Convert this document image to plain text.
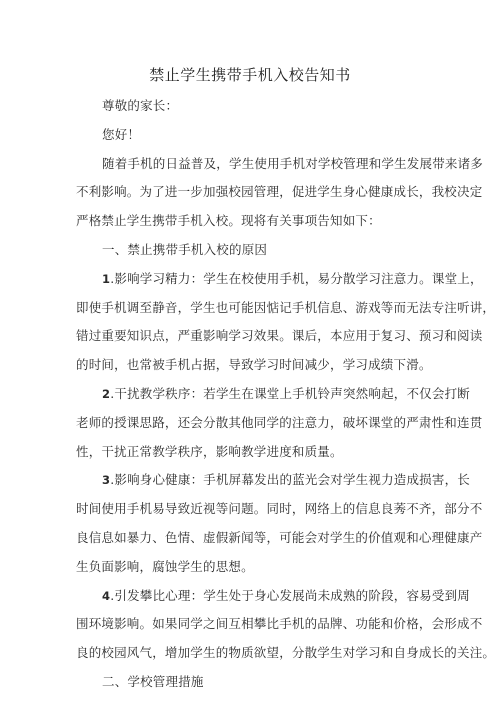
禁止学生携带手机入校告知书
尊敬的家长：
您好！
随着手机的日益普及，学生使用手机对学校管理和学生发展带来诸多
不利影响。为了进一步加强校园管理，促进学生身心健康成长，我校决定
严格禁止学生携带手机入校。现将有关事项告知如下：
一、禁止携带手机入校的原因
1.影响学习精力：学生在校使用手机，易分散学习注意力。课堂上，
即使手机调至静音，学生也可能因惦记手机信息、游戏等而无法专注听讲，
错过重要知识点，严重影响学习效果。课后，本应用于复习、预习和阅读
的时间，也常被手机占据，导致学习时间减少，学习成绩下滑。
2.干扰教学秩序：若学生在课堂上手机铃声突然响起，不仅会打断
老师的授课思路，还会分散其他同学的注意力，破坏课堂的严肃性和连贯
性，干扰正常教学秩序，影响教学进度和质量。
3.影响身心健康：手机屏幕发出的蓝光会对学生视力造成损害，长
时间使用手机易导致近视等问题。同时，网络上的信息良莠不齐，部分不
良信息如暴力、色情、虚假新闻等，可能会对学生的价值观和心理健康产
生负面影响，腐蚀学生的思想。
4.引发攀比心理：学生处于身心发展尚未成熟的阶段，容易受到周
围环境影响。如果同学之间互相攀比手机的品牌、功能和价格，会形成不
良的校园风气，增加学生的物质欲望，分散学生对学习和自身成长的关注。
二、学校管理措施
